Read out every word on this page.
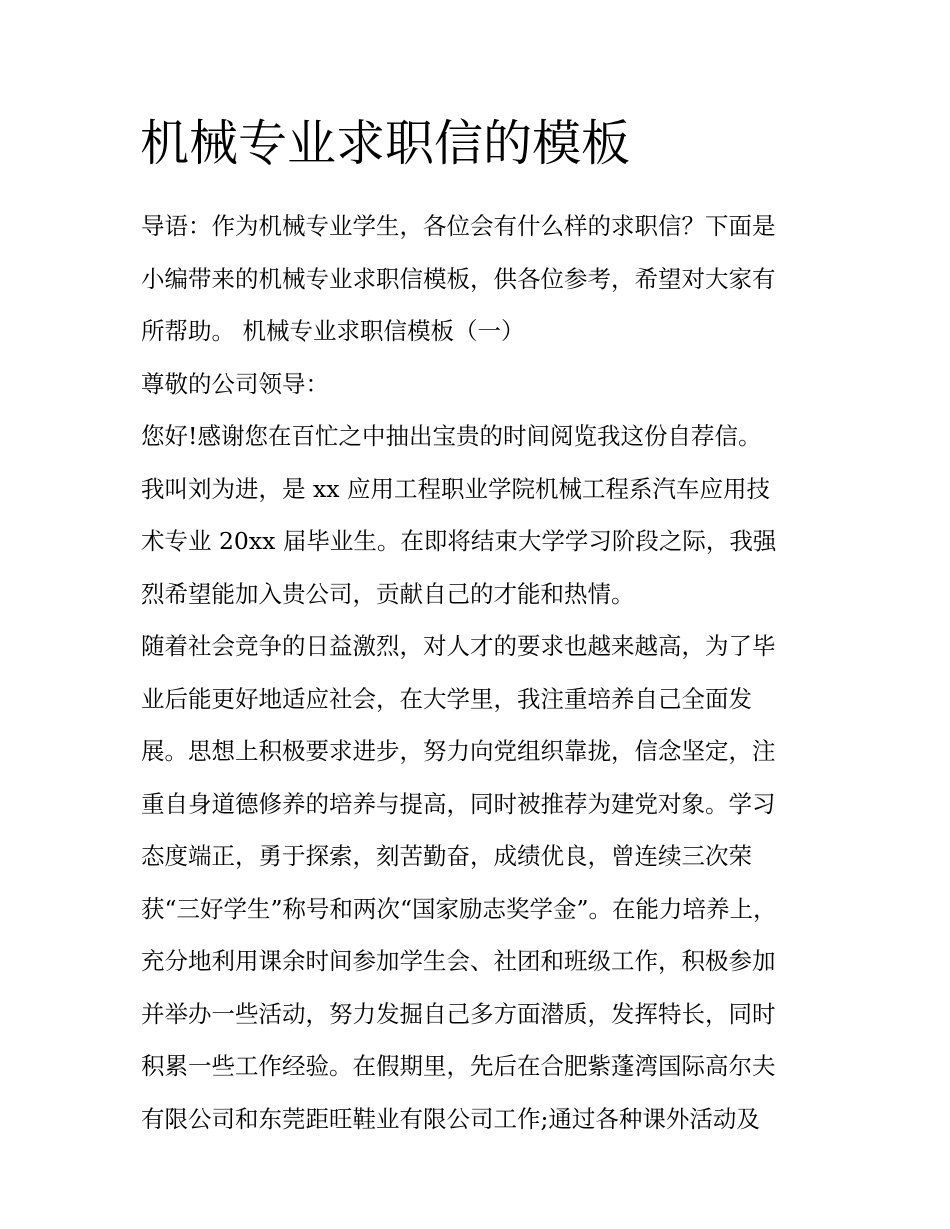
机械专业求职信的模板
导语：作为机械专业学生，各位会有什么样的求职信？下面是
小编带来的机械专业求职信模板，供各位参考，希望对大家有
所帮助。 机械专业求职信模板（一）
尊敬的公司领导：
您好!感谢您在百忙之中抽出宝贵的时间阅览我这份自荐信。
我叫刘为进，是 xx 应用工程职业学院机械工程系汽车应用技
术专业 20xx 届毕业生。在即将结束大学学习阶段之际，我强
烈希望能加入贵公司，贡献自己的才能和热情。
随着社会竞争的日益激烈，对人才的要求也越来越高，为了毕
业后能更好地适应社会，在大学里，我注重培养自己全面发
展。思想上积极要求进步，努力向党组织靠拢，信念坚定，注
重自身道德修养的培养与提高，同时被推荐为建党对象。学习
态度端正，勇于探索，刻苦勤奋，成绩优良，曾连续三次荣
获“三好学生”称号和两次“国家励志奖学金”。在能力培养上，
充分地利用课余时间参加学生会、社团和班级工作，积极参加
并举办一些活动，努力发掘自己多方面潜质，发挥特长，同时
积累一些工作经验。在假期里，先后在合肥紫蓬湾国际高尔夫
有限公司和东莞距旺鞋业有限公司工作;通过各种课外活动及
